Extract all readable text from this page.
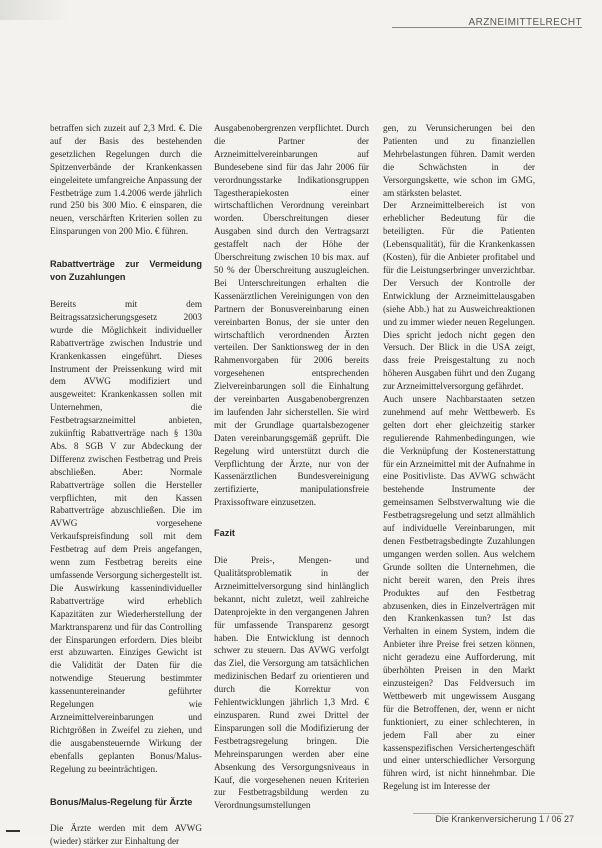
ARZNEIMITTELRECHT

betraffen sich zuzeit auf 2,3 Mrd. €. Die auf der Basis des bestehenden gesetzlichen Regelungen durch die Spitzenverbände der Krankenkassen eingeleitete umfangreiche Anpassung der Festbeträge zum 1.4.2006 werde jährlich rund 250 bis 300 Mio. € einsparen, die neuen, verschärften Kriterien sollen zu Einsparungen von 200 Mio. € führen.

Rabattverträge zur Vermeidung von Zuzahlungen

Bereits mit dem Beitragssatzsicherungsgesetz 2003 wurde die Möglichkeit individueller Rabattverträge zwischen Industrie und Krankenkassen eingeführt. Dieses Instrument der Preissenkung wird mit dem AVWG modifiziert und ausgeweitet: Krankenkassen sollen mit Unternehmen, die Festbetragsarzneimittel anbieten, zukünftig Rabattverträge nach § 130a Abs. 8 SGB V zur Abdeckung der Differenz zwischen Festbetrag und Preis abschließen. Aber: Normale Rabattverträge sollen die Hersteller verpflichten, mit den Kassen Rabattverträge abzuschließen. Die im AVWG vorgesehene Verkaufspreisfindung soll mit dem Festbetrag auf dem Preis angefangen, wenn zum Festbetrag bereits eine umfassende Versorgung sichergestellt ist. Die Auswirkung kassenindividueller Rabattverträge wird erheblich Kapazitäten zur Wiederherstellung der Marktransparenz und für das Controlling der Einsparungen erfordern. Dies bleibt erst abzuwarten. Einziges Gewicht ist die Validität der Daten für die notwendige Steuerung bestimmter kassenuntereinander geführter Regelungen wie Arzneimittelvereinbarungen und Richtgrößen in Zweifel zu ziehen, und die ausgabensteuernde Wirkung der ebenfalls geplanten Bonus/Malus-Regelung zu beeinträchtigen.

Bonus/Malus-Regelung für Ärzte

Die Ärzte werden mit dem AVWG (wieder) stärker zur Einhaltung der

Ausgabenobergrenzen verpflichtet. Durch die Partner der Arzneimittelvereinbarungen auf Bundesebene sind für das Jahr 2006 für verordnungsstarke Indikationsgruppen Tagestherapiekosten einer wirtschaftlichen Verordnung vereinbart worden. Überschreitungen dieser Ausgaben sind durch den Vertragsarzt gestaffelt nach der Höhe der Überschreitung zwischen 10 bis max. auf 50 % der Überschreitung auszugleichen. Bei Unterschreitungen erhalten die Kassenärztlichen Vereinigungen von den Partnern der Bonusvereinbarung einen vereinbarten Bonus, der sie unter den wirtschaftlich verordnenden Ärzten verteilen. Der Sanktionsweg der in den Rahmenvorgaben für 2006 bereits vorgesehenen entsprechenden Zielvereinbarungen soll die Einhaltung der vereinbarten Ausgabenobergrenzen im laufenden Jahr sicherstellen. Sie wird mit der Grundlage quartalsbezogener Daten vereinbarungsgemäß geprüft. Die Regelung wird unterstützt durch die Verpflichtung der Ärzte, nur von der Kassenärztlichen Bundesvereinigung zertifizierte, manipulationsfreie Praxissoftware einzusetzen.

Fazit

Die Preis-, Mengen- und Qualitätsproblematik in der Arzneimittelversorgung sind hinlänglich bekannt, nicht zuletzt, weil zahlreiche Datenprojekte in den vergangenen Jahren für umfassende Transparenz gesorgt haben. Die Entwicklung ist dennoch schwer zu steuern. Das AVWG verfolgt das Ziel, die Versorgung am tatsächlichen medizinischen Bedarf zu orientieren und durch die Korrektur von Fehlentwicklungen jährlich 1,3 Mrd. € einzusparen. Rund zwei Drittel der Einsparungen soll die Modifizierung der Festbetragsregelung bringen. Die Mehreinsparungen werden aber eine Absenkung des Versorgungsniveaus in Kauf, die vorgesehenen neuen Kriterien zur Festbetragsbildung werden zu Verordnungsumstellungen

gen, zu Verunsicherungen bei den Patienten und zu finanziellen Mehrbelastungen führen. Damit werden die Schwächsten in der Versorgungskette, wie schon im GMG, am stärksten belastet.

Der Arzneimittelbereich ist von erheblicher Bedeutung für die beteiligten. Für die Patienten (Lebensqualität), für die Krankenkassen (Kosten), für die Anbieter profitabel und für die Leistungserbringer unverzichtbar. Der Versuch der Kontrolle der Entwicklung der Arzneimittelausgaben (siehe Abb.) hat zu Ausweichreaktionen und zu immer wieder neuen Regelungen. Dies spricht jedoch nicht gegen den Versuch. Der Blick in die USA zeigt, dass freie Preisgestaltung zu noch höheren Ausgaben führt und den Zugang zur Arzneimittelversorgung gefährdet.

Auch unsere Nachbarstaaten setzen zunehmend auf mehr Wettbewerb. Es gelten dort eher gleichzeitig starker regulierende Rahmenbedingungen, wie die Verknüpfung der Kostenerstattung für ein Arzneimittel mit der Aufnahme in eine Positivliste. Das AVWG schwächt bestehende Instrumente der gemeinsamen Selbstverwaltung wie die Festbetragsregelung und setzt allmählich auf individuelle Vereinbarungen, mit denen Festbetragsbedingte Zuzahlungen umgangen werden sollen. Aus welchem Grunde sollten die Unternehmen, die nicht bereit waren, den Preis ihres Produktes auf den Festbetrag abzusenken, dies in Einzelverträgen mit den Krankenkassen tun? Ist das Verhalten in einem System, indem die Anbieter ihre Preise frei setzen können, nicht geradezu eine Aufforderung, mit überhöhten Preisen in den Markt einzusteigen? Das Feldversuch im Wettbewerb mit ungewissem Ausgang für die Betroffenen, der, wenn er nicht funktioniert, zu einer schlechteren, in jedem Fall aber zu einer kassenspezifischen Versichertengeschäft und einer unterschiedlicher Versorgung führen wird, ist nicht hinnehmbar. Die Regelung ist im Interesse der

Die Krankenversicherung 1 / 06 27
